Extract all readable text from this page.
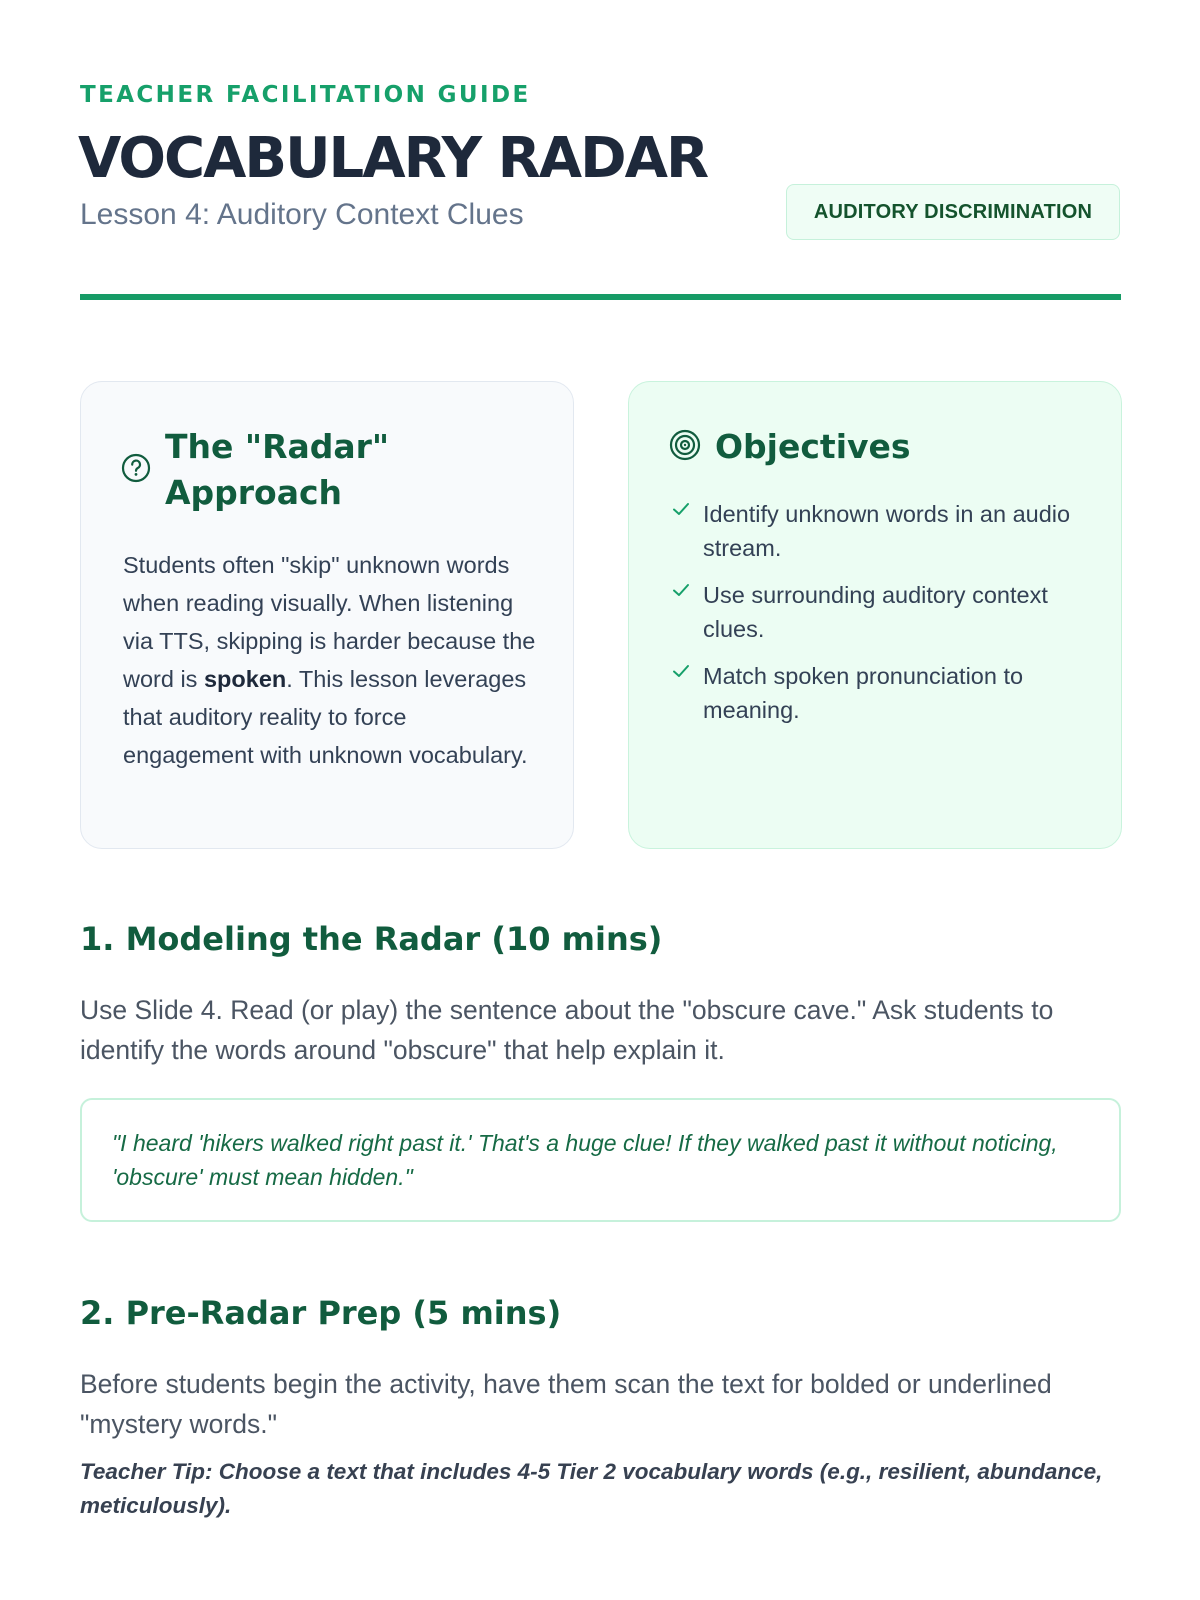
TEACHER FACILITATION GUIDE
VOCABULARY RADAR
Lesson 4: Auditory Context Clues	AUDITORY DISCRIMINATION
The "Radar" Approach
Students often "skip" unknown words when reading visually. When listening via TTS, skipping is harder because the word is spoken. This lesson leverages that auditory reality to force engagement with unknown vocabulary.
Objectives
Identify unknown words in an audio stream.
Use surrounding auditory context clues.
Match spoken pronunciation to meaning.
1. Modeling the Radar (10 mins)
Use Slide 4. Read (or play) the sentence about the "obscure cave." Ask students to identify the words around "obscure" that help explain it.
"I heard 'hikers walked right past it.' That's a huge clue! If they walked past it without noticing, 'obscure' must mean hidden."
2. Pre-Radar Prep (5 mins)
Before students begin the activity, have them scan the text for bolded or underlined "mystery words."
Teacher Tip: Choose a text that includes 4-5 Tier 2 vocabulary words (e.g., resilient, abundance, meticulously).
